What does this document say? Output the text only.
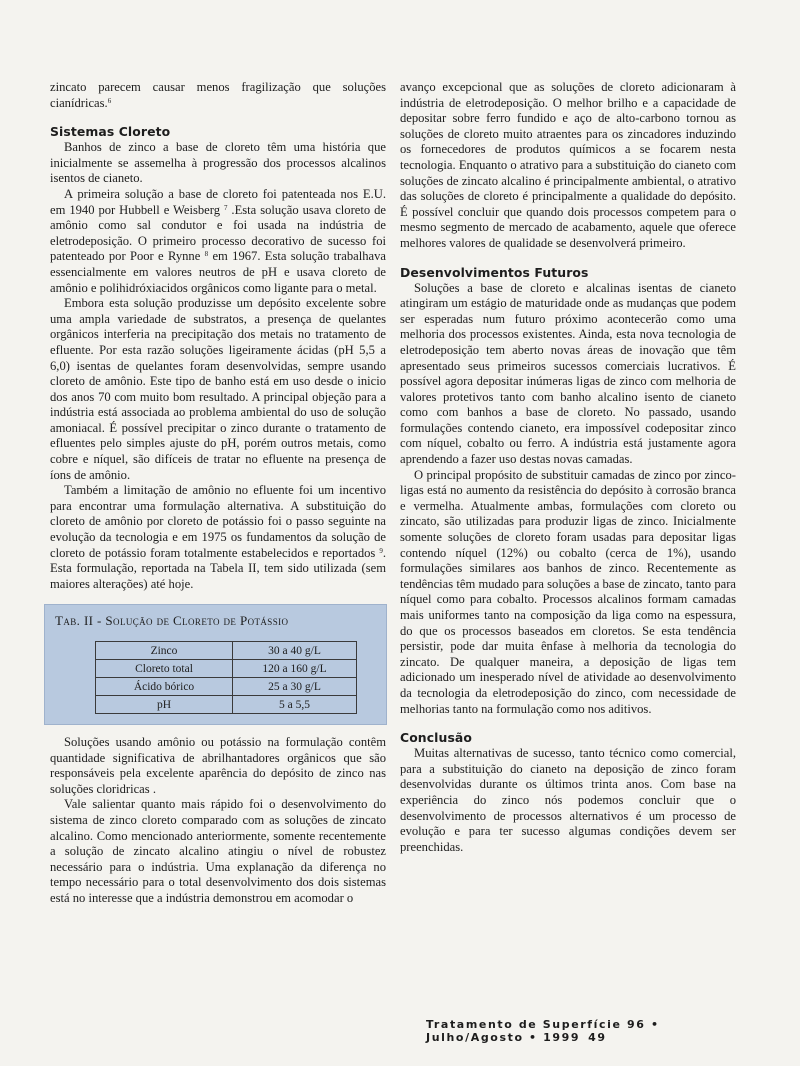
zincato parecem causar menos fragilização que soluções cianídricas.$^6$

Sistemas Cloreto

Banhos de zinco a base de cloreto têm uma história que inicialmente se assemelha à progressão dos processos alcalinos isentos de cianeto.

A primeira solução a base de cloreto foi patenteada nos E.U. em 1940 por Hubbell e Weisberg $^7$ .Esta solução usava cloreto de amônio como sal condutor e foi usada na indústria de eletrodeposição. O primeiro processo decorativo de sucesso foi patenteado por Poor e Rynne $^8$ em 1967. Esta solução trabalhava essencialmente em valores neutros de pH e usava cloreto de amônio e polihidróxiacidos orgânicos como ligante para o metal.

Embora esta solução produzisse um depósito excelente sobre uma ampla variedade de substratos, a presença de quelantes orgânicos interferia na precipitação dos metais no tratamento de efluente. Por esta razão soluções ligeiramente ácidas (pH 5,5 a 6,0) isentas de quelantes foram desenvolvidas, sempre usando cloreto de amônio. Este tipo de banho está em uso desde o inicio dos anos 70 com muito bom resultado. A principal objeção para a indústria está associada ao problema ambiental do uso de solução amoniacal. É possível precipitar o zinco durante o tratamento de efluentes pelo simples ajuste do pH, porém outros metais, como cobre e níquel, são difíceis de tratar no efluente na presença de íons de amônio.

Também a limitação de amônio no efluente foi um incentivo para encontrar uma formulação alternativa. A substituição do cloreto de amônio por cloreto de potássio foi o passo seguinte na evolução da tecnologia e em 1975 os fundamentos da solução de cloreto de potássio foram totalmente estabelecidos e reportados $^9$. Esta formulação, reportada na Tabela II, tem sido utilizada (sem maiores alterações) até hoje.

Tab. II - Solução de Cloreto de Potássio
Zinco	30 a 40 g/L
Cloreto total	120 a 160 g/L
Ácido bórico	25 a 30 g/L
pH	5 a 5,5

Soluções usando amônio ou potássio na formulação contêm quantidade significativa de abrilhantadores orgânicos que são responsáveis pela excelente aparência do depósito de zinco nas soluções cloridricas .

Vale salientar quanto mais rápido foi o desenvolvimento do sistema de zinco cloreto comparado com as soluções de zincato alcalino. Como mencionado anteriormente, somente recentemente a solução de zincato alcalino atingiu o nível de robustez necessário para o indústria. Uma explanação da diferença no tempo necessário para o total desenvolvimento dos dois sistemas está no interesse que a indústria demonstrou em acomodar o

avanço excepcional que as soluções de cloreto adicionaram à indústria de eletrodeposição. O melhor brilho e a capacidade de depositar sobre ferro fundido e aço de alto-carbono tornou as soluções de cloreto muito atraentes para os zincadores induzindo os fornecedores de produtos químicos a se focarem nesta tecnologia. Enquanto o atrativo para a substituição do cianeto com soluções de zincato alcalino é principalmente ambiental, o atrativo das soluções de cloreto é principalmente a qualidade do depósito. É possível concluir que quando dois processos competem para o mesmo segmento de mercado de acabamento, aquele que oferece melhores valores de qualidade se desenvolverá primeiro.

Desenvolvimentos Futuros

Soluções a base de cloreto e alcalinas isentas de cianeto atingiram um estágio de maturidade onde as mudanças que podem ser esperadas num futuro próximo acontecerão como uma melhoria dos processos existentes. Ainda, esta nova tecnologia de eletrodeposição tem aberto novas áreas de inovação que têm apresentado seus primeiros sucessos comerciais lucrativos. É possível agora depositar inúmeras ligas de zinco com melhoria de valores protetivos tanto com banho alcalino isento de cianeto como com banhos a base de cloreto. No passado, usando formulações contendo cianeto, era impossível codepositar zinco com níquel, cobalto ou ferro. A indústria está justamente agora aprendendo a fazer uso destas novas camadas.

O principal propósito de substituir camadas de zinco por zinco-ligas está no aumento da resistência do depósito à corrosão branca e vermelha. Atualmente ambas, formulações com cloreto ou zincato, são utilizadas para produzir ligas de zinco. Inicialmente somente soluções de cloreto foram usadas para depositar ligas contendo níquel (12%) ou cobalto (cerca de 1%), usando formulações similares aos banhos de zinco. Recentemente as tendências têm mudado para soluções a base de zincato, tanto para níquel como para cobalto. Processos alcalinos formam camadas mais uniformes tanto na composição da liga como na espessura, do que os processos baseados em cloretos. Se esta tendência persistir, pode dar muita ênfase à melhoria da tecnologia do zincato. De qualquer maneira, a deposição de ligas tem adicionado um inesperado nível de atividade ao desenvolvimento da tecnologia da eletrodeposição do zinco, com necessidade de melhorias tanto na formulação como nos aditivos.

Conclusão

Muitas alternativas de sucesso, tanto técnico como comercial, para a substituição do cianeto na deposição de zinco foram desenvolvidas durante os últimos trinta anos. Com base na experiência do zinco nós podemos concluir que o desenvolvimento de processos alternativos é um processo de evolução e para ter sucesso algumas condições devem ser preenchidas.

Tratamento de Superfície 96 • Julho/Agosto • 1999 49
